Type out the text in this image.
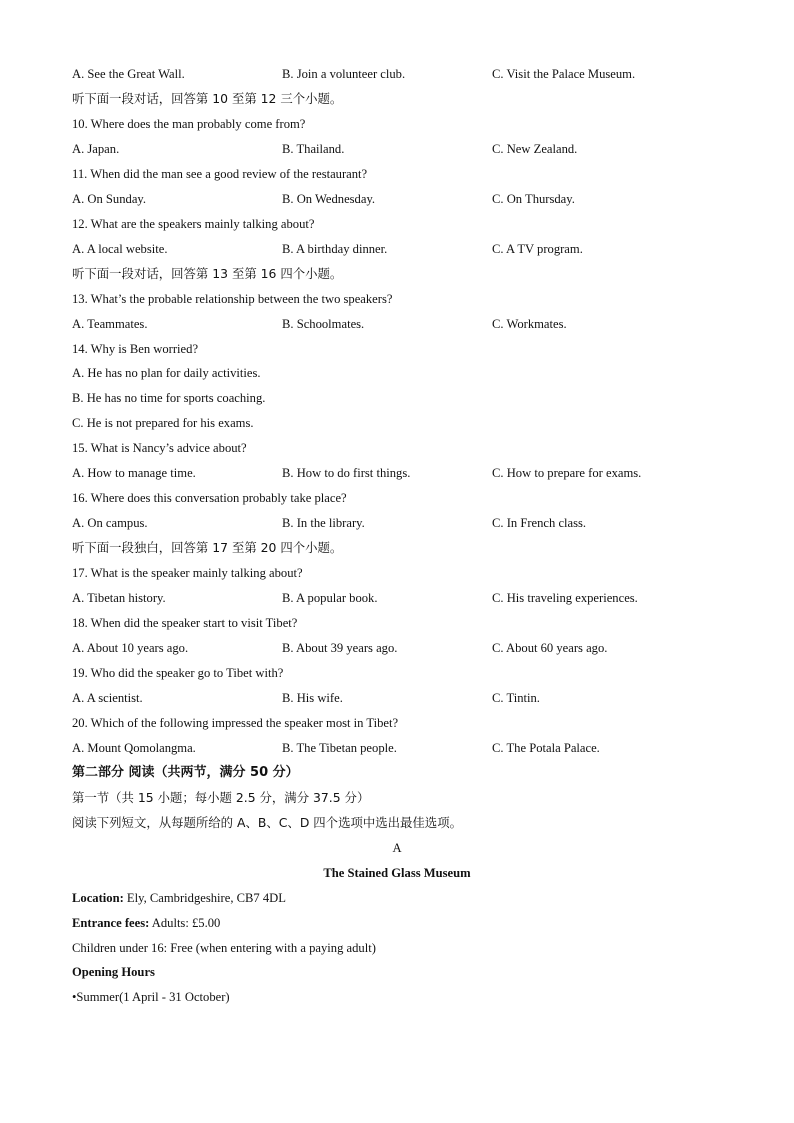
A. See the Great Wall.	B. Join a volunteer club.	C. Visit the Palace Museum.
听下面一段对话，回答第 10 至第 12 三个小题。
10. Where does the man probably come from?
A. Japan.	B. Thailand.	C. New Zealand.
11. When did the man see a good review of the restaurant?
A. On Sunday.	B. On Wednesday.	C. On Thursday.
12. What are the speakers mainly talking about?
A. A local website.	B. A birthday dinner.	C. A TV program.
听下面一段对话，回答第 13 至第 16 四个小题。
13. What’s the probable relationship between the two speakers?
A. Teammates.	B. Schoolmates.	C. Workmates.
14. Why is Ben worried?
A. He has no plan for daily activities.
B. He has no time for sports coaching.
C. He is not prepared for his exams.
15. What is Nancy’s advice about?
A. How to manage time.	B. How to do first things.	C. How to prepare for exams.
16. Where does this conversation probably take place?
A. On campus.	B. In the library.	C. In French class.
听下面一段独白，回答第 17 至第 20 四个小题。
17. What is the speaker mainly talking about?
A. Tibetan history.	B. A popular book.	C. His traveling experiences.
18. When did the speaker start to visit Tibet?
A. About 10 years ago.	B. About 39 years ago.	C. About 60 years ago.
19. Who did the speaker go to Tibet with?
A. A scientist.	B. His wife.	C. Tintin.
20. Which of the following impressed the speaker most in Tibet?
A. Mount Qomolangma.	B. The Tibetan people.	C. The Potala Palace.
第二部分 阅读（共两节，满分 50 分）
第一节（共 15 小题；每小题 2.5 分，满分 37.5 分）
阅读下列短文，从每题所给的 A、B、C、D 四个选项中选出最佳选项。
A
The Stained Glass Museum
Location: Ely, Cambridgeshire, CB7 4DL
Entrance fees: Adults: £5.00
Children under 16: Free (when entering with a paying adult)
Opening Hours
•Summer(1 April - 31 October)
